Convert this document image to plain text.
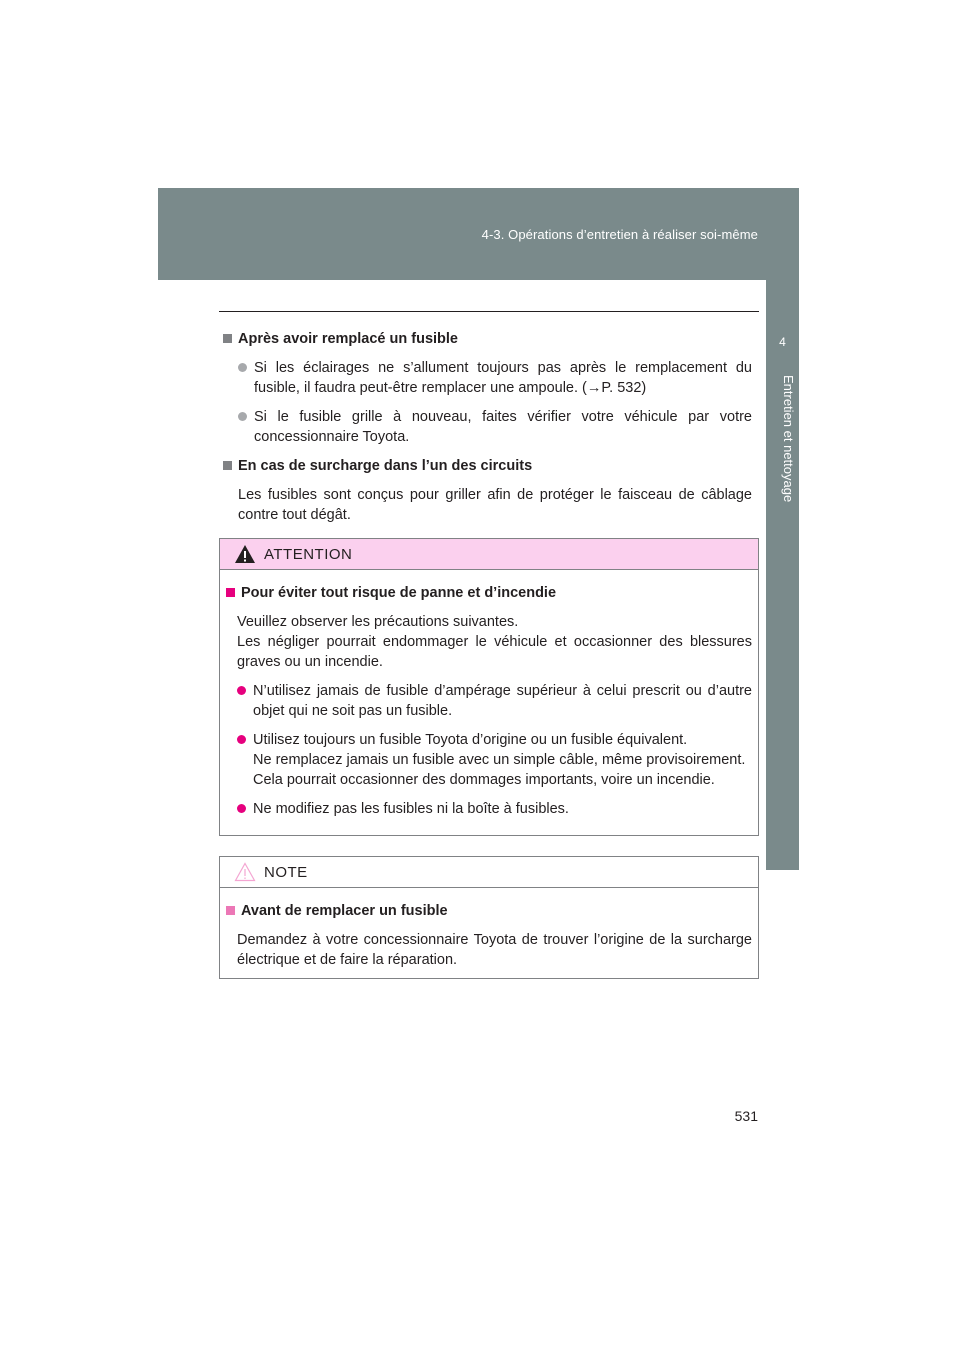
4-3. Opérations d’entretien à réaliser soi-même
4
Entretien et nettoyage
Après avoir remplacé un fusible

Si les éclairages ne s’allument toujours pas après le remplacement du fusible, il faudra peut-être remplacer une ampoule. (→P. 532)

Si le fusible grille à nouveau, faites vérifier votre véhicule par votre concessionnaire Toyota.

En cas de surcharge dans l’un des circuits

Les fusibles sont conçus pour griller afin de protéger le faisceau de câblage contre tout dégât.

ATTENTION
Pour éviter tout risque de panne et d’incendie

Veuillez observer les précautions suivantes.

Les négliger pourrait endommager le véhicule et occasionner des blessures graves ou un incendie.

N’utilisez jamais de fusible d’ampérage supérieur à celui prescrit ou d’autre objet qui ne soit pas un fusible.

Utilisez toujours un fusible Toyota d’origine ou un fusible équivalent.

Ne remplacez jamais un fusible avec un simple câble, même provisoirement.

Cela pourrait occasionner des dommages importants, voire un incendie.

Ne modifiez pas les fusibles ni la boîte à fusibles.

NOTE
Avant de remplacer un fusible

Demandez à votre concessionnaire Toyota de trouver l’origine de la surcharge électrique et de faire la réparation.

531
